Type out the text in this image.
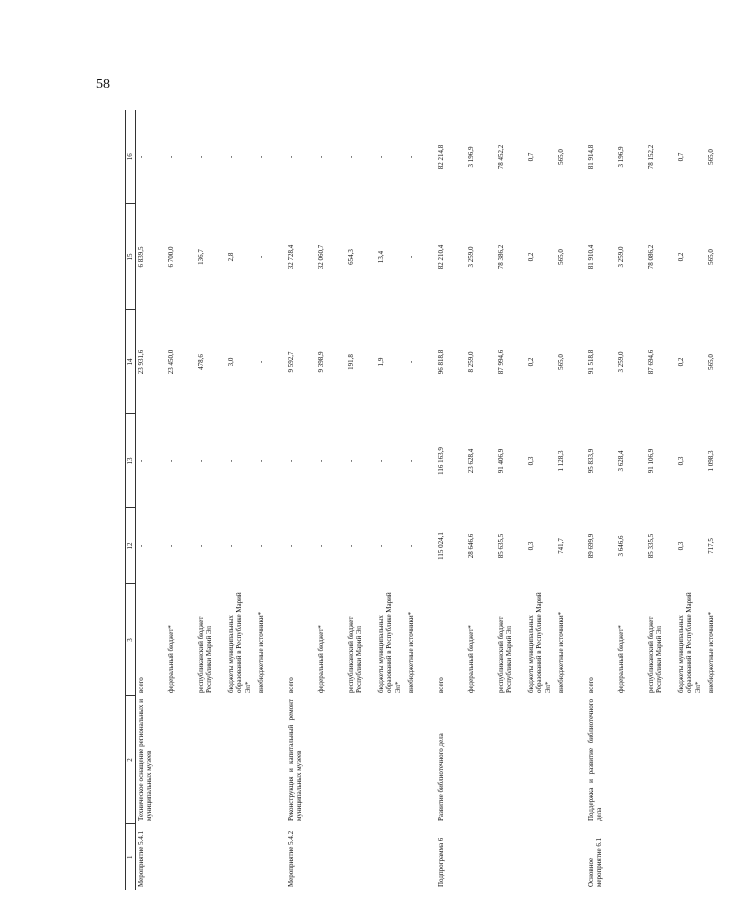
58
1	2	3	12	13	14	15	16
Мероприятие 5.4.1	Техническое оснащение региональных и муниципальных музеев	всего	-	-	23 931,6	6 839,5	-
		федеральный бюджет*	-	-	23 450,0	6 700,0	-
		республиканский бюджет Республики Марий Эл	-	-	478,6	136,7	-
		бюджеты муниципальных образований в Республике Марий Эл*	-	-	3,0	2,8	-
		внебюджетные источники*	-	-	-	-	-
Мероприятие 5.4.2	Реконструкция и капитальный ремонт муниципальных музеев	всего	-	-	9 592,7	32 728,4	-
		федеральный бюджет*	-	-	9 398,9	32 060,7	-
		республиканский бюджет Республики Марий Эл	-	-	191,8	654,3	-
		бюджеты муниципальных образований в Республике Марий Эл*	-	-	1,9	13,4	-
		внебюджетные источники*	-	-	-	-	-
Подпрограмма 6	Развитие библиотечного дела	всего	115 024,1	116 163,9	96 818,8	82 210,4	82 214,8
		федеральный бюджет*	28 646,6	23 628,4	8 259,0	3 259,0	3 196,9
		республиканский бюджет Республики Марий Эл	85 635,5	91 406,9	87 994,6	78 386,2	78 452,2
		бюджеты муниципальных образований в Республике Марий Эл*	0,3	0,3	0,2	0,2	0,7
		внебюджетные источники*	741,7	1 128,3	565,0	565,0	565,0
Основное мероприятие 6.1	Поддержка и развитие библиотечного дела	всего	89 699,9	95 833,9	91 518,8	81 910,4	81 914,8
		федеральный бюджет*	3 646,6	3 628,4	3 259,0	3 259,0	3 196,9
		республиканский бюджет Республики Марий Эл	85 335,5	91 106,9	87 694,6	78 086,2	78 152,2
		бюджеты муниципальных образований в Республике Марий Эл*	0,3	0,3	0,2	0,2	0,7
		внебюджетные источники*	717,5	1 098,3	565,0	565,0	565,0
